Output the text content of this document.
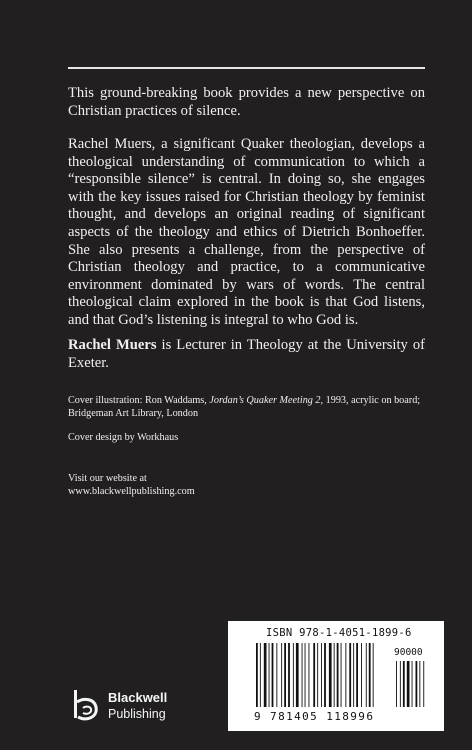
This ground-breaking book provides a new perspective on Christian practices of silence.

Rachel Muers, a significant Quaker theologian, develops a theological understanding of communication to which a “responsible silence” is central. In doing so, she engages with the key issues raised for Christian theology by feminist thought, and develops an original reading of significant aspects of the theology and ethics of Dietrich Bonhoeffer. She also presents a challenge, from the perspective of Christian theology and practice, to a communicative environment dominated by wars of words. The central theological claim explored in the book is that God listens, and that God’s listening is integral to who God is.

Rachel Muers is Lecturer in Theology at the University of Exeter.

Cover illustration: Ron Waddams, Jordan’s Quaker Meeting 2, 1993, acrylic on board; Bridgeman Art Library, London

Cover design by Workhaus

Visit our website at
www.blackwellpublishing.com

Blackwell
Publishing
ISBN 978-1-4051-1899-6
90000
9 781405 118996
